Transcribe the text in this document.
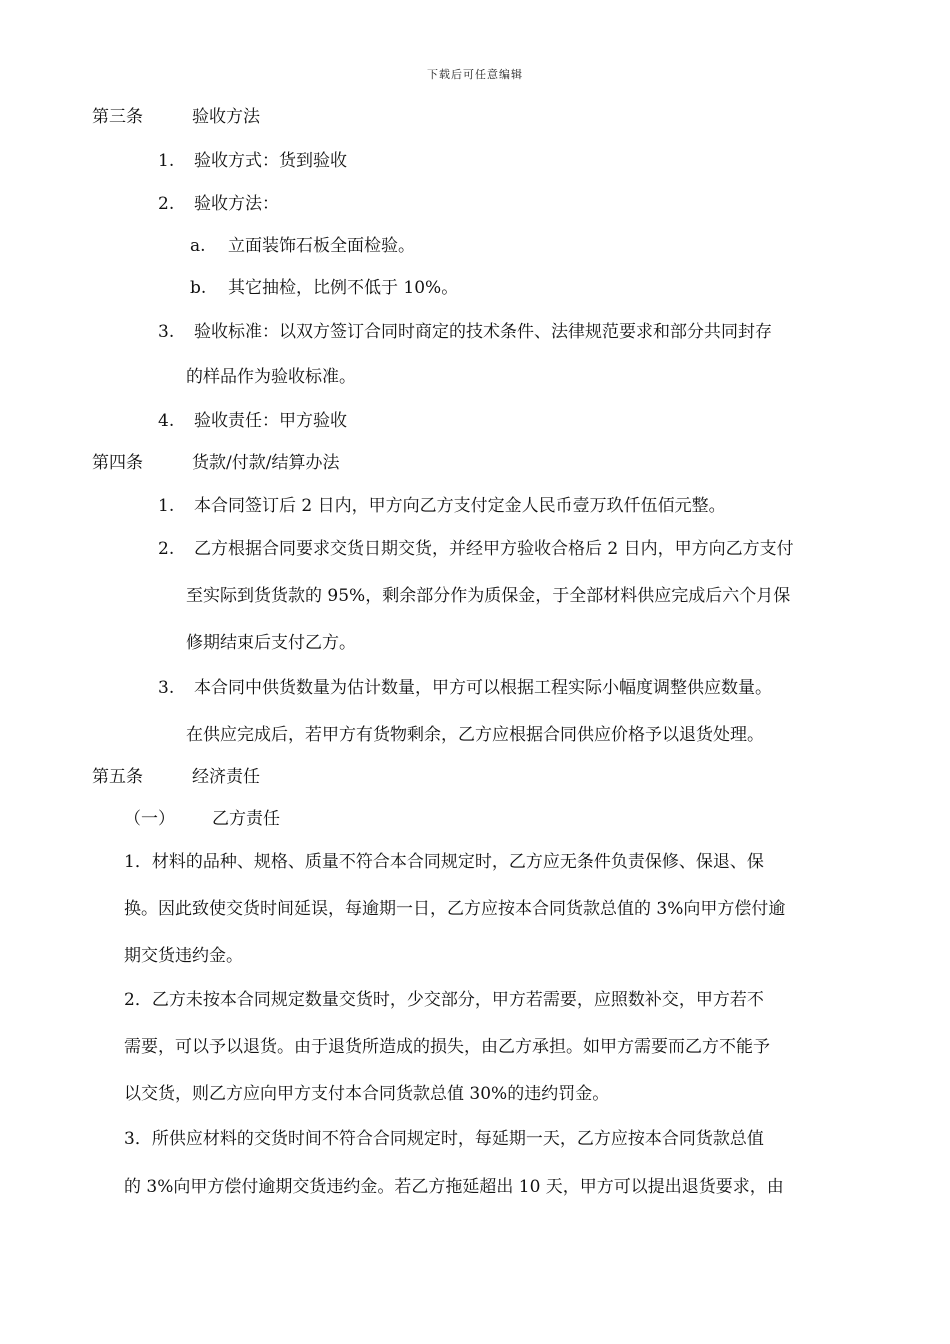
下载后可任意编辑
第三条	验收方法
1. 验收方式：货到验收
2. 验收方法：
a. 立面装饰石板全面检验。
b. 其它抽检，比例不低于 10%。
3. 验收标准：以双方签订合同时商定的技术条件、法律规范要求和部分共同封存
的样品作为验收标准。
4. 验收责任：甲方验收
第四条	货款/付款/结算办法
1. 本合同签订后 2 日内，甲方向乙方支付定金人民币壹万玖仟伍佰元整。
2. 乙方根据合同要求交货日期交货，并经甲方验收合格后 2 日内，甲方向乙方支付
至实际到货货款的 95%，剩余部分作为质保金，于全部材料供应完成后六个月保
修期结束后支付乙方。
3. 本合同中供货数量为估计数量，甲方可以根据工程实际小幅度调整供应数量。
在供应完成后，若甲方有货物剩余，乙方应根据合同供应价格予以退货处理。
第五条	经济责任
（一） 乙方责任
1．材料的品种、规格、质量不符合本合同规定时，乙方应无条件负责保修、保退、保
换。因此致使交货时间延误，每逾期一日，乙方应按本合同货款总值的 3%向甲方偿付逾
期交货违约金。
2．乙方未按本合同规定数量交货时，少交部分，甲方若需要，应照数补交，甲方若不
需要，可以予以退货。由于退货所造成的损失，由乙方承担。如甲方需要而乙方不能予
以交货，则乙方应向甲方支付本合同货款总值 30%的违约罚金。
3．所供应材料的交货时间不符合合同规定时，每延期一天，乙方应按本合同货款总值
的 3%向甲方偿付逾期交货违约金。若乙方拖延超出 10 天，甲方可以提出退货要求，由
